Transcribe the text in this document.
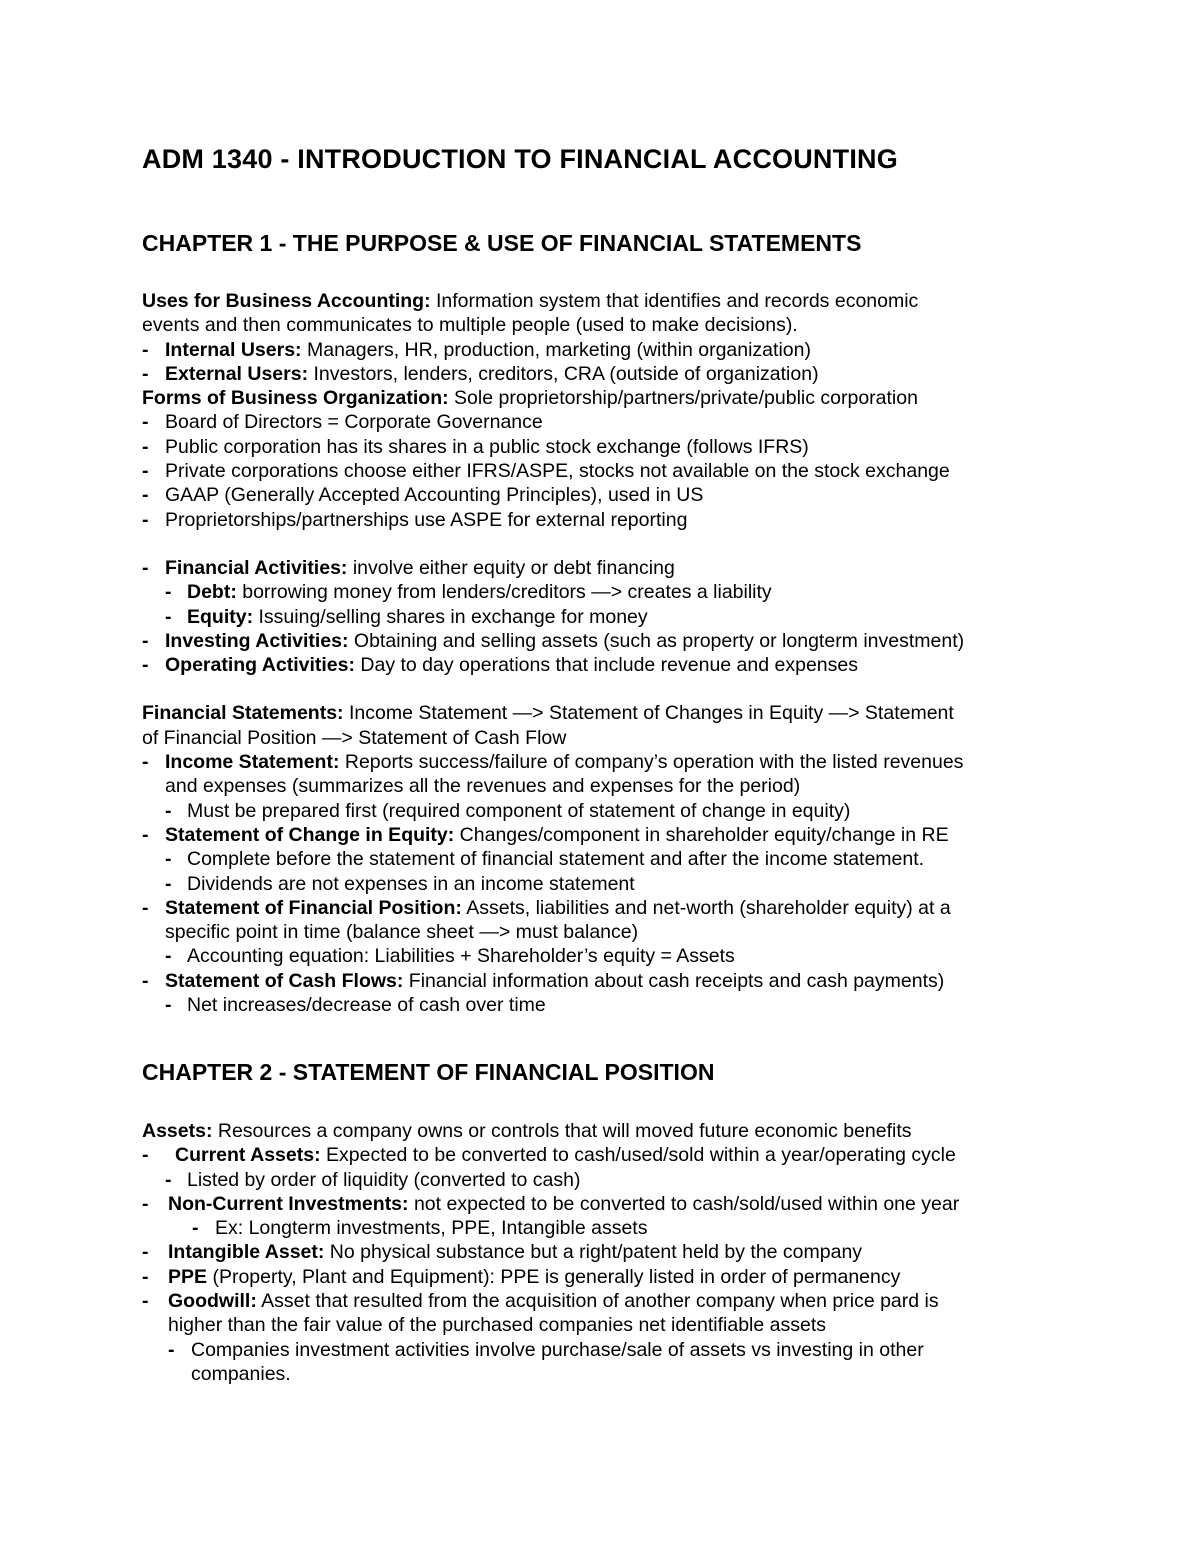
ADM 1340 - INTRODUCTION TO FINANCIAL ACCOUNTING
CHAPTER 1 - THE PURPOSE & USE OF FINANCIAL STATEMENTS
Uses for Business Accounting: Information system that identifies and records economic
events and then communicates to multiple people (used to make decisions).
- Internal Users: Managers, HR, production, marketing (within organization)
- External Users: Investors, lenders, creditors, CRA (outside of organization)
Forms of Business Organization: Sole proprietorship/partners/private/public corporation
- Board of Directors = Corporate Governance
- Public corporation has its shares in a public stock exchange (follows IFRS)
- Private corporations choose either IFRS/ASPE, stocks not available on the stock exchange
- GAAP (Generally Accepted Accounting Principles), used in US
- Proprietorships/partnerships use ASPE for external reporting
- Financial Activities: involve either equity or debt financing
- Debt: borrowing money from lenders/creditors —> creates a liability
- Equity: Issuing/selling shares in exchange for money
- Investing Activities: Obtaining and selling assets (such as property or longterm investment)
- Operating Activities: Day to day operations that include revenue and expenses
Financial Statements: Income Statement —> Statement of Changes in Equity —> Statement
of Financial Position —> Statement of Cash Flow
- Income Statement: Reports success/failure of company’s operation with the listed revenues
and expenses (summarizes all the revenues and expenses for the period)
- Must be prepared first (required component of statement of change in equity)
- Statement of Change in Equity: Changes/component in shareholder equity/change in RE
- Complete before the statement of financial statement and after the income statement.
- Dividends are not expenses in an income statement
- Statement of Financial Position: Assets, liabilities and net-worth (shareholder equity) at a
specific point in time (balance sheet —> must balance)
- Accounting equation: Liabilities + Shareholder’s equity = Assets
- Statement of Cash Flows: Financial information about cash receipts and cash payments)
- Net increases/decrease of cash over time
CHAPTER 2 - STATEMENT OF FINANCIAL POSITION
Assets: Resources a company owns or controls that will moved future economic benefits
- Current Assets: Expected to be converted to cash/used/sold within a year/operating cycle
- Listed by order of liquidity (converted to cash)
- Non-Current Investments: not expected to be converted to cash/sold/used within one year
- Ex: Longterm investments, PPE, Intangible assets
- Intangible Asset: No physical substance but a right/patent held by the company
- PPE (Property, Plant and Equipment): PPE is generally listed in order of permanency
- Goodwill: Asset that resulted from the acquisition of another company when price pard is
higher than the fair value of the purchased companies net identifiable assets
- Companies investment activities involve purchase/sale of assets vs investing in other
companies.
